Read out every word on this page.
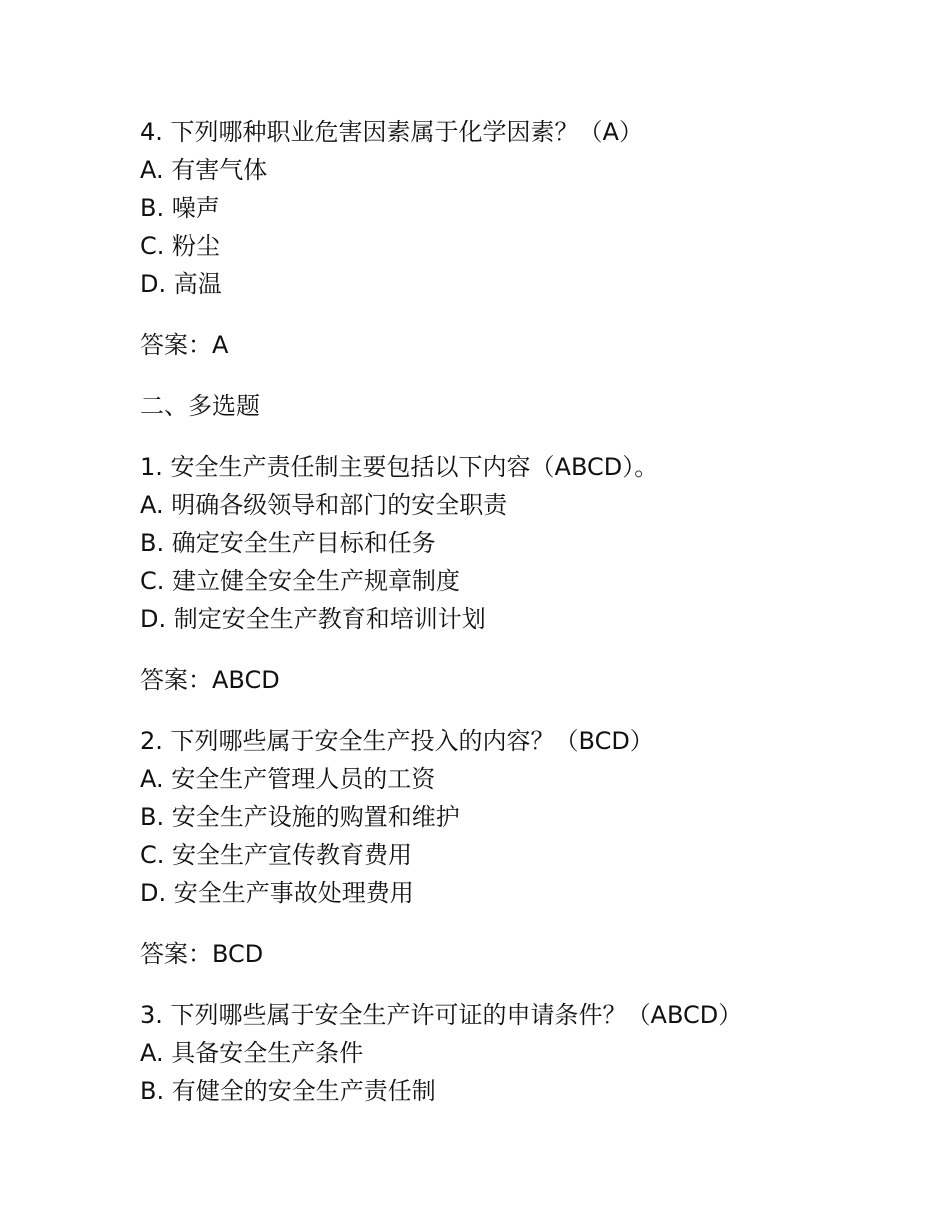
4. 下列哪种职业危害因素属于化学因素？（A）
A. 有害气体
B. 噪声
C. 粉尘
D. 高温
答案：A
二、多选题
1. 安全生产责任制主要包括以下内容（ABCD）。
A. 明确各级领导和部门的安全职责
B. 确定安全生产目标和任务
C. 建立健全安全生产规章制度
D. 制定安全生产教育和培训计划
答案：ABCD
2. 下列哪些属于安全生产投入的内容？（BCD）
A. 安全生产管理人员的工资
B. 安全生产设施的购置和维护
C. 安全生产宣传教育费用
D. 安全生产事故处理费用
答案：BCD
3. 下列哪些属于安全生产许可证的申请条件？（ABCD）
A. 具备安全生产条件
B. 有健全的安全生产责任制
